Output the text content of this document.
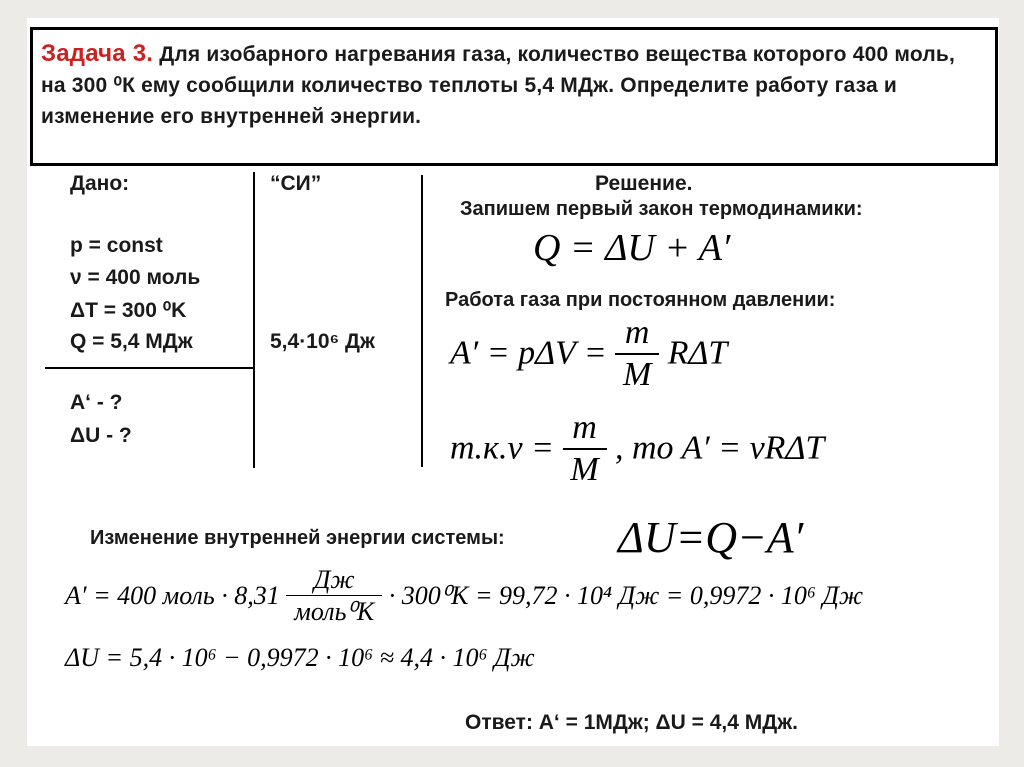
Задача 3. Для изобарного нагревания газа, количество вещества которого 400 моль, на 300 ⁰К ему сообщили количество теплоты 5,4 МДж. Определите работу газа и изменение его внутренней энергии.
Дано:
p = const
ν = 400 моль
ΔT = 300 ⁰K
Q = 5,4 МДж
A‘ - ?
ΔU - ?
“СИ”
5,4·10⁶ Дж
Решение.
Запишем первый закон термодинамики:
Q = ΔU + A′
Работа газа при постоянном давлении:
$A' = p\Delta V = \frac{m}{M}$ RΔT
$m.к.\nu = \frac{m}{M}$ , mo A′ = νRΔT
Изменение внутренней энергии системы:	ΔU=Q−A′
A′ = 400 моль · $8,31 \frac{Дж}{\text{моль⁰K}} \cdot 300^0K = 99,72 \cdot 10^4$ Дж = 0,9972 · 10⁶ Дж
ΔU = 5,4 · 10⁶ − 0,9972 · 10⁶ ≈ 4,4 · 10⁶ Дж
Ответ: A‘ = 1МДж; ΔU = 4,4 МДж.
